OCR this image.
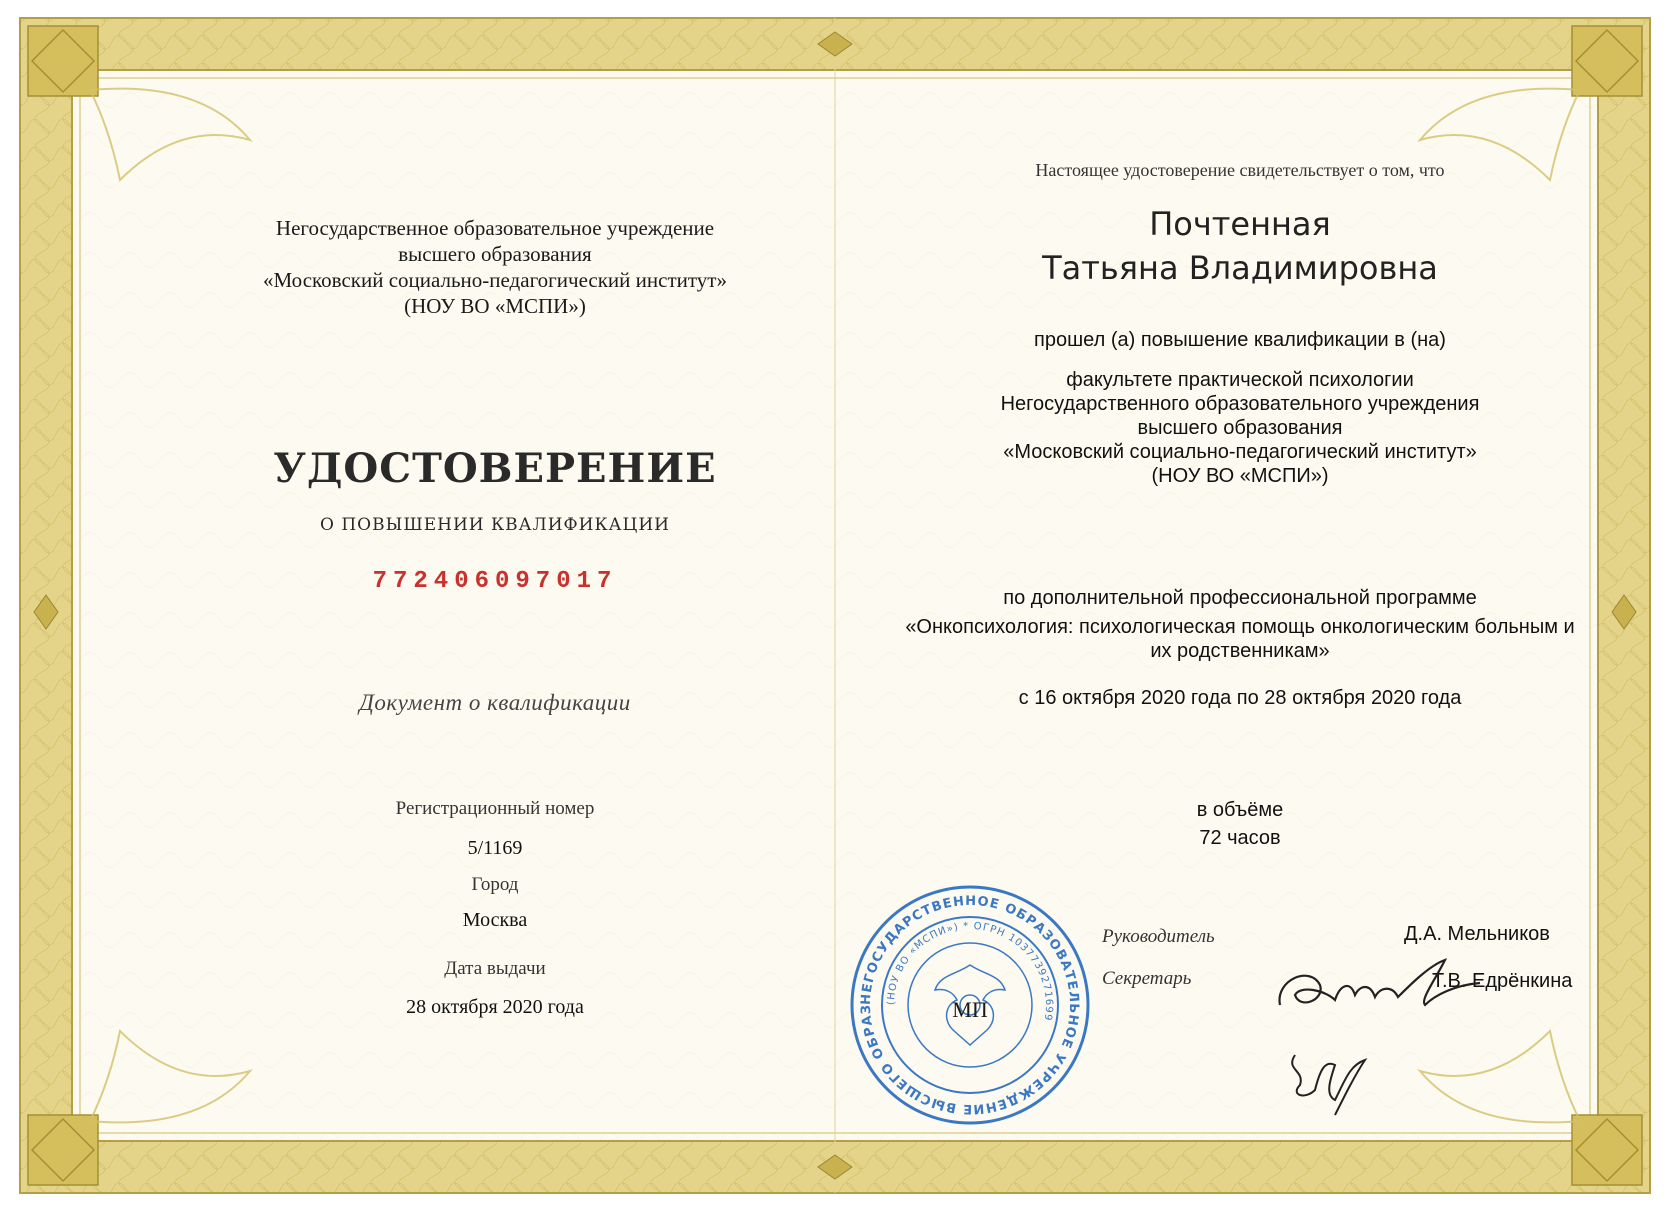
Негосударственное образовательное учреждение
высшего образования
«Московский социально-педагогический институт»
(НОУ ВО «МСПИ»)
УДОСТОВЕРЕНИЕ
О ПОВЫШЕНИИ КВАЛИФИКАЦИИ
772406097017
Документ о квалификации
Регистрационный номер
5/1169
Город
Москва
Дата выдачи
28 октября 2020 года
Настоящее удостоверение свидетельствует о том, что
Почтенная
Татьяна Владимировна
прошел (а) повышение квалификации в (на)
факультете практической психологии
Негосударственного образовательного учреждения
высшего образования
«Московский социально-педагогический институт»
(НОУ ВО «МСПИ»)
по дополнительной профессиональной программе
«Онкопсихология: психологическая помощь онкологическим больным и
их родственникам»
с 16 октября 2020 года по 28 октября 2020 года
в объёме
72 часов
Руководитель	Д.А. Мельников
Секретарь	Т.В. Едрёнкина
НЕГОСУДАРСТВЕННОЕ ОБРАЗОВАТЕЛЬНОЕ УЧРЕЖДЕНИЕ ВЫСШЕГО ОБРАЗ
(НОУ ВО «МСПИ») * ОГРН 1037739271699
МП
